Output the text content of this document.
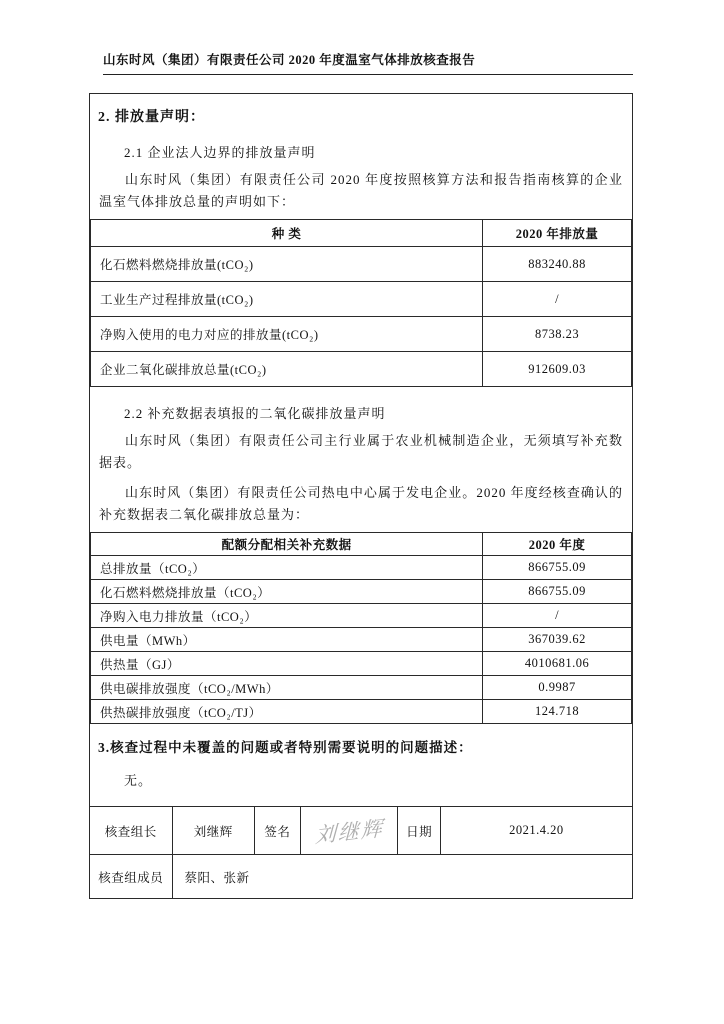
山东时风（集团）有限责任公司 2020 年度温室气体排放核查报告
2. 排放量声明：
2.1 企业法人边界的排放量声明
山东时风（集团）有限责任公司 2020 年度按照核算方法和报告指南核算的企业温室气体排放总量的声明如下：
种 类	2020 年排放量
化石燃料燃烧排放量(tCO₂)	883240.88
工业生产过程排放量(tCO₂)	/
净购入使用的电力对应的排放量(tCO₂)	8738.23
企业二氧化碳排放总量(tCO₂)	912609.03
2.2 补充数据表填报的二氧化碳排放量声明
山东时风（集团）有限责任公司主行业属于农业机械制造企业，无须填写补充数据表。
山东时风（集团）有限责任公司热电中心属于发电企业。2020 年度经核查确认的补充数据表二氧化碳排放总量为：
配额分配相关补充数据	2020 年度
总排放量（tCO₂）	866755.09
化石燃料燃烧排放量（tCO₂）	866755.09
净购入电力排放量（tCO₂）	/
供电量（MWh）	367039.62
供热量（GJ）	4010681.06
供电碳排放强度（tCO₂/MWh）	0.9987
供热碳排放强度（tCO₂/TJ）	124.718
3.核查过程中未覆盖的问题或者特别需要说明的问题描述：
无。
核查组长	刘继辉	签名	刘继辉	日期	2021.4.20
核查组成员	蔡阳、张新				
